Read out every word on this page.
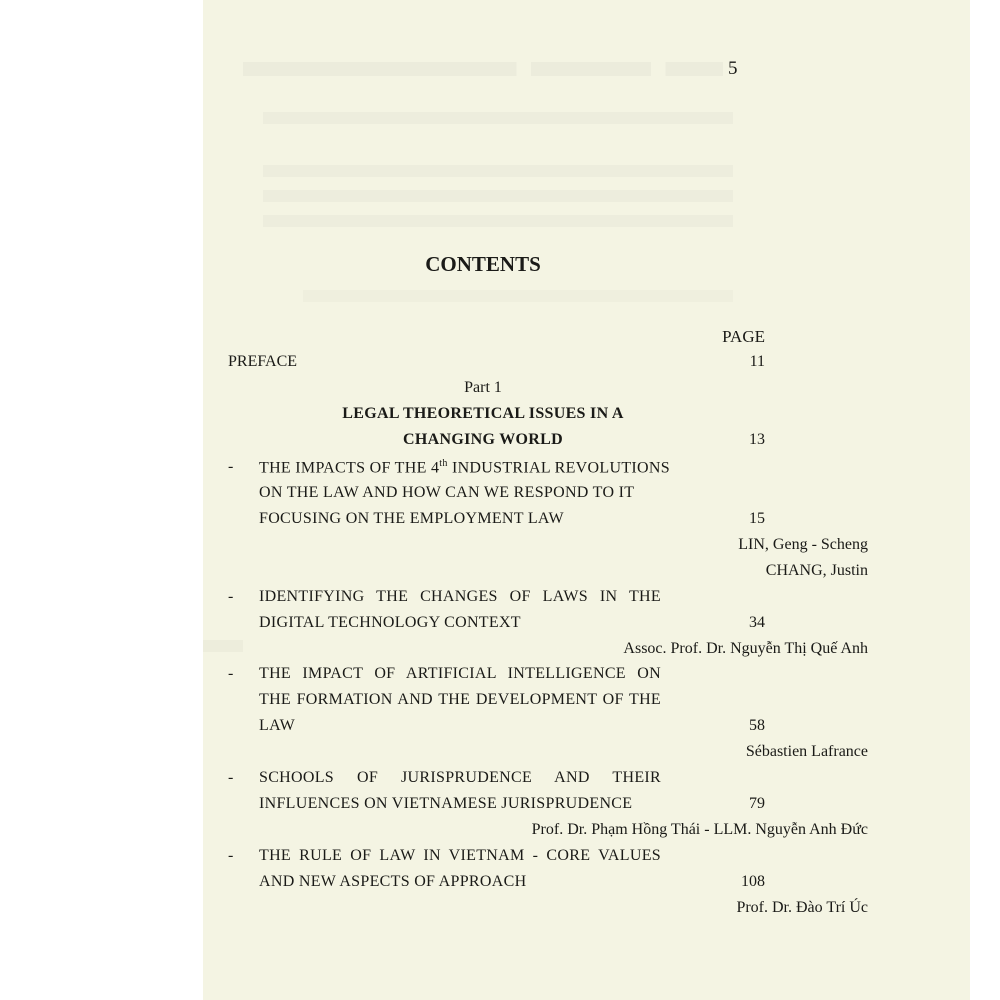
5
CONTENTS
PAGE
PREFACE	11
Part 1
LEGAL THEORETICAL ISSUES IN A
CHANGING WORLD	13
- THE IMPACTS OF THE 4th INDUSTRIAL REVOLUTIONS
ON THE LAW AND HOW CAN WE RESPOND TO IT
FOCUSING ON THE EMPLOYMENT LAW	15
LIN, Geng - Scheng
CHANG, Justin
- IDENTIFYING THE CHANGES OF LAWS IN THE
DIGITAL TECHNOLOGY CONTEXT	34
Assoc. Prof. Dr. Nguyễn Thị Quế Anh
- THE IMPACT OF ARTIFICIAL INTELLIGENCE ON
THE FORMATION AND THE DEVELOPMENT OF THE
LAW	58
Sébastien Lafrance
- SCHOOLS OF JURISPRUDENCE AND THEIR
INFLUENCES ON VIETNAMESE JURISPRUDENCE	79
Prof. Dr. Phạm Hồng Thái - LLM. Nguyễn Anh Đức
- THE RULE OF LAW IN VIETNAM - CORE VALUES
AND NEW ASPECTS OF APPROACH	108
Prof. Dr. Đào Trí Úc
